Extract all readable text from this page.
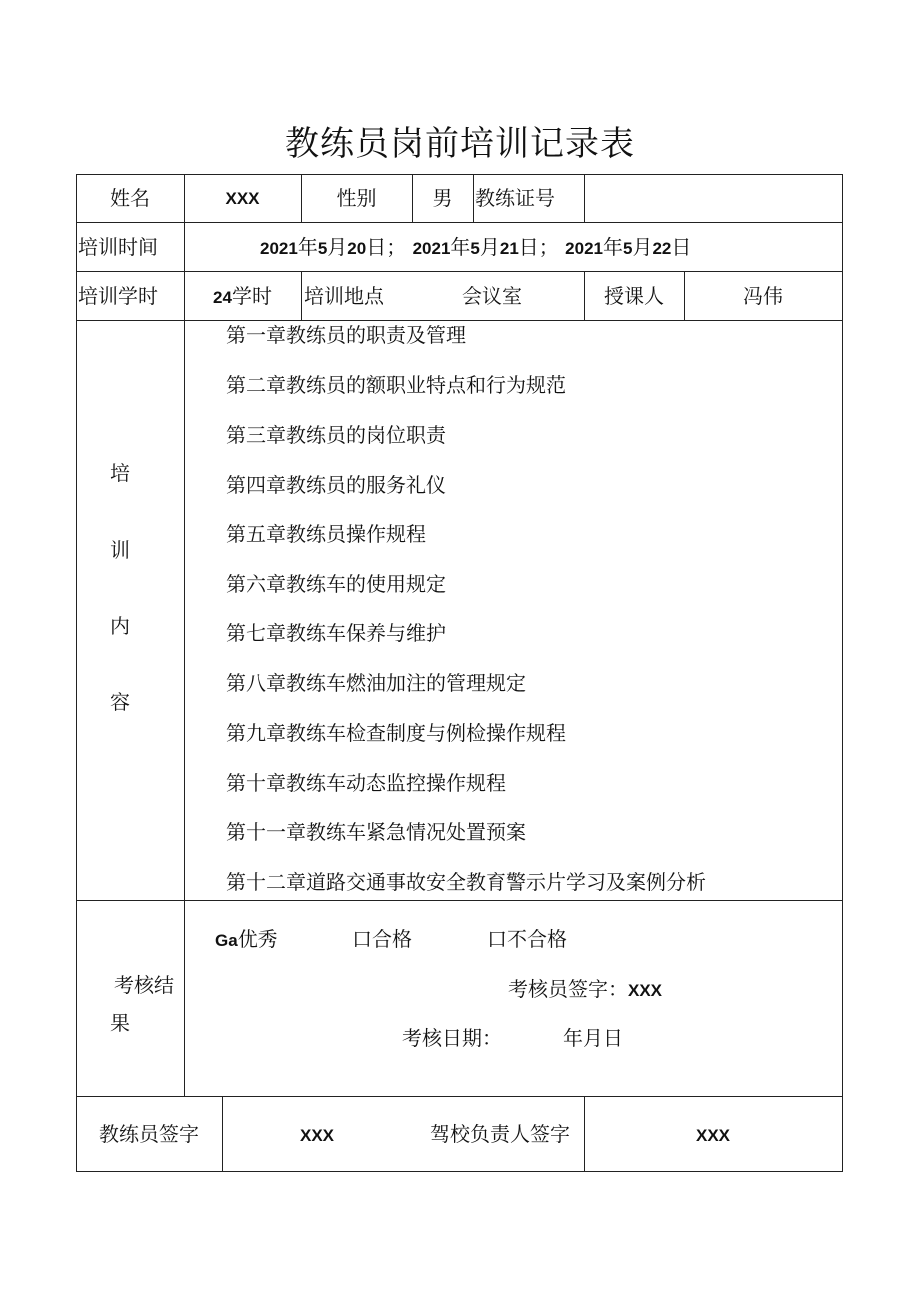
教练员岗前培训记录表
姓名	XXX	性别	男	教练证号
培训时间	2021年5月20日； 2021年5月21日； 2021年5月22日
培训学时	24学时	培训地点	会议室	授课人	冯伟
培
训
内
容
第一章教练员的职责及管理
第二章教练员的额职业特点和行为规范
第三章教练员的岗位职责
第四章教练员的服务礼仪
第五章教练员操作规程
第六章教练车的使用规定
第七章教练车保养与维护
第八章教练车燃油加注的管理规定
第九章教练车检查制度与例检操作规程
第十章教练车动态监控操作规程
第十一章教练车紧急情况处置预案
第十二章道路交通事故安全教育警示片学习及案例分析
考核结
果
Ga优秀	口合格	口不合格
考核员签字：XXX
考核日期：	年月日
教练员签字	XXX	驾校负责人签字	XXX
